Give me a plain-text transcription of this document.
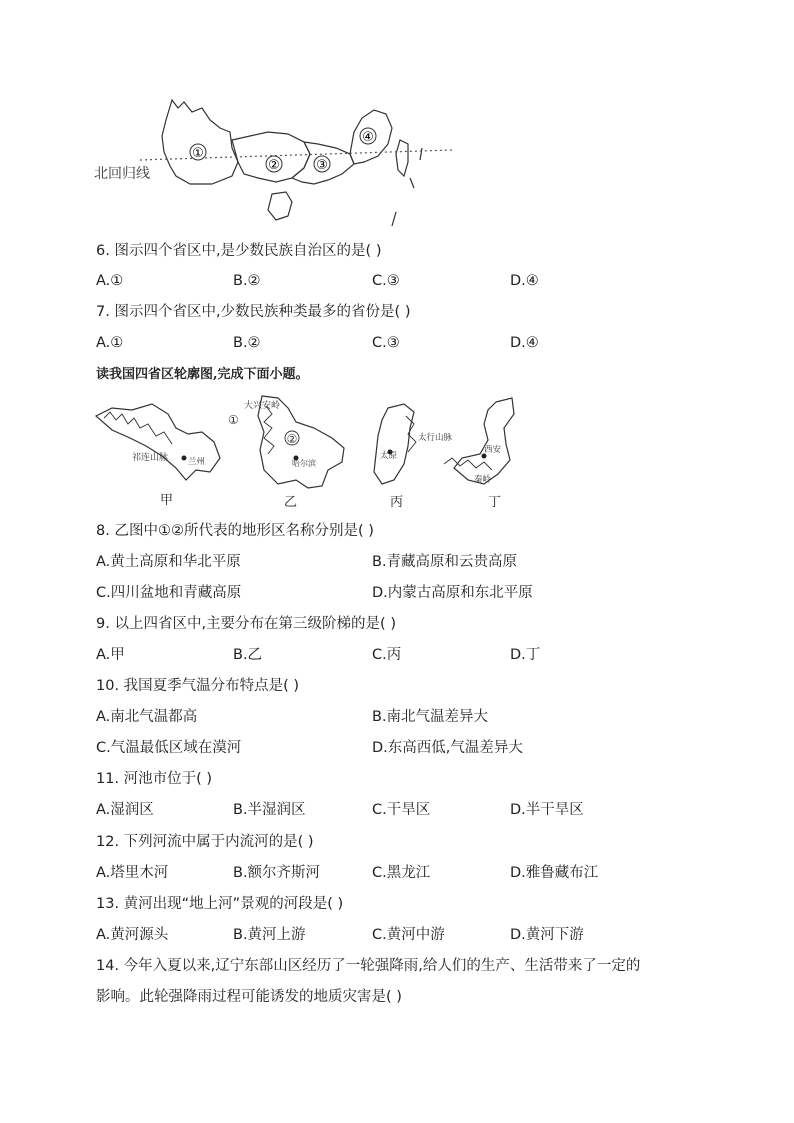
①
②	③
④
北回归线
6. 图示四个省区中,是少数民族自治区的是( )
A.①	B.②	C.③	D.④
7. 图示四个省区中,少数民族种类最多的省份是( )
A.①	B.②	C.③	D.④
读我国四省区轮廓图,完成下面小题。
祁连山脉 兰州
①
大兴安岭
②
哈尔滨
太原
太行山脉
西安
秦岭
甲	乙	丙	丁
8. 乙图中①②所代表的地形区名称分别是( )
A.黄土高原和华北平原	B.青藏高原和云贵高原
C.四川盆地和青藏高原	D.内蒙古高原和东北平原
9. 以上四省区中,主要分布在第三级阶梯的是( )
A.甲	B.乙	C.丙	D.丁
10. 我国夏季气温分布特点是( )
A.南北气温都高	B.南北气温差异大
C.气温最低区域在漠河	D.东高西低,气温差异大
11. 河池市位于( )
A.湿润区	B.半湿润区	C.干旱区	D.半干旱区
12. 下列河流中属于内流河的是( )
A.塔里木河	B.额尔齐斯河	C.黑龙江	D.雅鲁藏布江
13. 黄河出现“地上河”景观的河段是( )
A.黄河源头	B.黄河上游	C.黄河中游	D.黄河下游
14. 今年入夏以来,辽宁东部山区经历了一轮强降雨,给人们的生产、生活带来了一定的
影响。此轮强降雨过程可能诱发的地质灾害是( )
